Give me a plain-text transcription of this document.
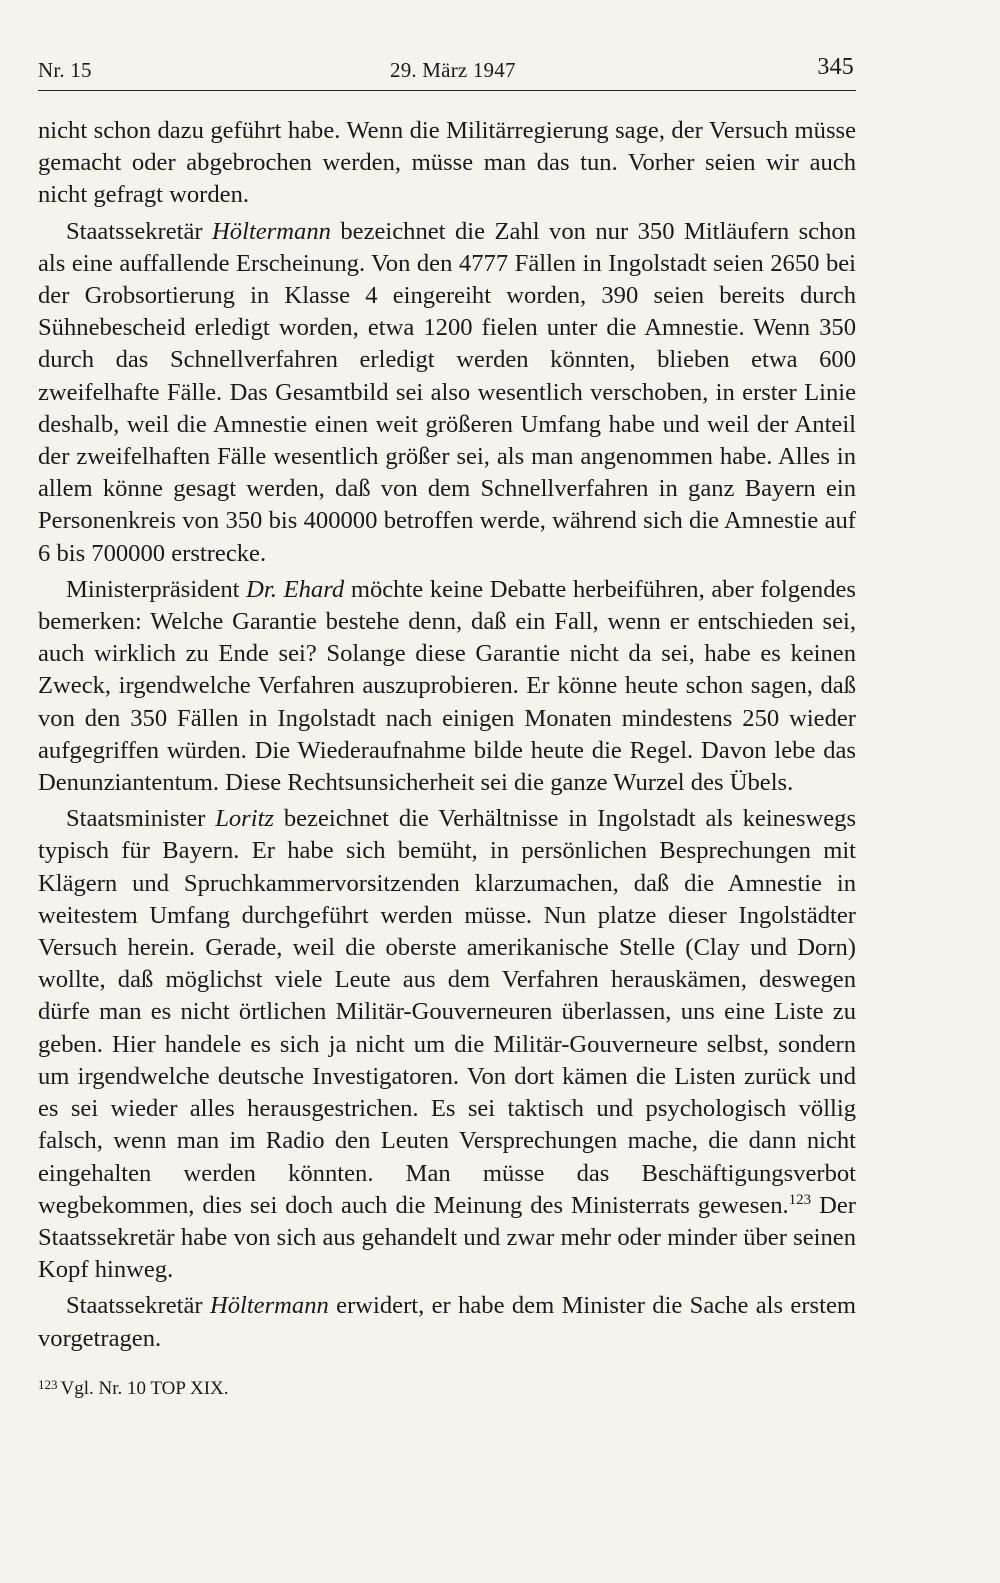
Nr. 15	29. März 1947	345

nicht schon dazu geführt habe. Wenn die Militärregierung sage, der Versuch müsse gemacht oder abgebrochen werden, müsse man das tun. Vorher seien wir auch nicht gefragt worden.

Staatssekretär Höltermann bezeichnet die Zahl von nur 350 Mitläufern schon als eine auffallende Erscheinung. Von den 4777 Fällen in Ingolstadt seien 2650 bei der Grobsortierung in Klasse 4 eingereiht worden, 390 seien bereits durch Sühnebescheid erledigt worden, etwa 1200 fielen unter die Amnestie. Wenn 350 durch das Schnellverfahren erledigt werden könnten, blieben etwa 600 zweifelhafte Fälle. Das Gesamtbild sei also wesentlich verschoben, in erster Linie deshalb, weil die Amnestie einen weit größeren Umfang habe und weil der Anteil der zweifelhaften Fälle wesentlich größer sei, als man angenommen habe. Alles in allem könne gesagt werden, daß von dem Schnellverfahren in ganz Bayern ein Personenkreis von 350 bis 400000 betroffen werde, während sich die Amnestie auf 6 bis 700000 erstrecke.

Ministerpräsident Dr. Ehard möchte keine Debatte herbeiführen, aber folgendes bemerken: Welche Garantie bestehe denn, daß ein Fall, wenn er entschieden sei, auch wirklich zu Ende sei? Solange diese Garantie nicht da sei, habe es keinen Zweck, irgendwelche Verfahren auszuprobieren. Er könne heute schon sagen, daß von den 350 Fällen in Ingolstadt nach einigen Monaten mindestens 250 wieder aufgegriffen würden. Die Wiederaufnahme bilde heute die Regel. Davon lebe das Denunziantentum. Diese Rechtsunsicherheit sei die ganze Wurzel des Übels.

Staatsminister Loritz bezeichnet die Verhältnisse in Ingolstadt als keineswegs typisch für Bayern. Er habe sich bemüht, in persönlichen Besprechungen mit Klägern und Spruchkammervorsitzenden klarzumachen, daß die Amnestie in weitestem Umfang durchgeführt werden müsse. Nun platze dieser Ingolstädter Versuch herein. Gerade, weil die oberste amerikanische Stelle (Clay und Dorn) wollte, daß möglichst viele Leute aus dem Verfahren herauskämen, deswegen dürfe man es nicht örtlichen Militär-Gouverneuren überlassen, uns eine Liste zu geben. Hier handele es sich ja nicht um die Militär-Gouverneure selbst, sondern um irgendwelche deutsche Investigatoren. Von dort kämen die Listen zurück und es sei wieder alles herausgestrichen. Es sei taktisch und psychologisch völlig falsch, wenn man im Radio den Leuten Versprechungen mache, die dann nicht eingehalten werden könnten. Man müsse das Beschäftigungsverbot wegbekommen, dies sei doch auch die Meinung des Ministerrats gewesen.$^{123}$ Der Staatssekretär habe von sich aus gehandelt und zwar mehr oder minder über seinen Kopf hinweg.

Staatssekretär Höltermann erwidert, er habe dem Minister die Sache als erstem vorgetragen.

$^{123}$ Vgl. Nr. 10 TOP XIX.
